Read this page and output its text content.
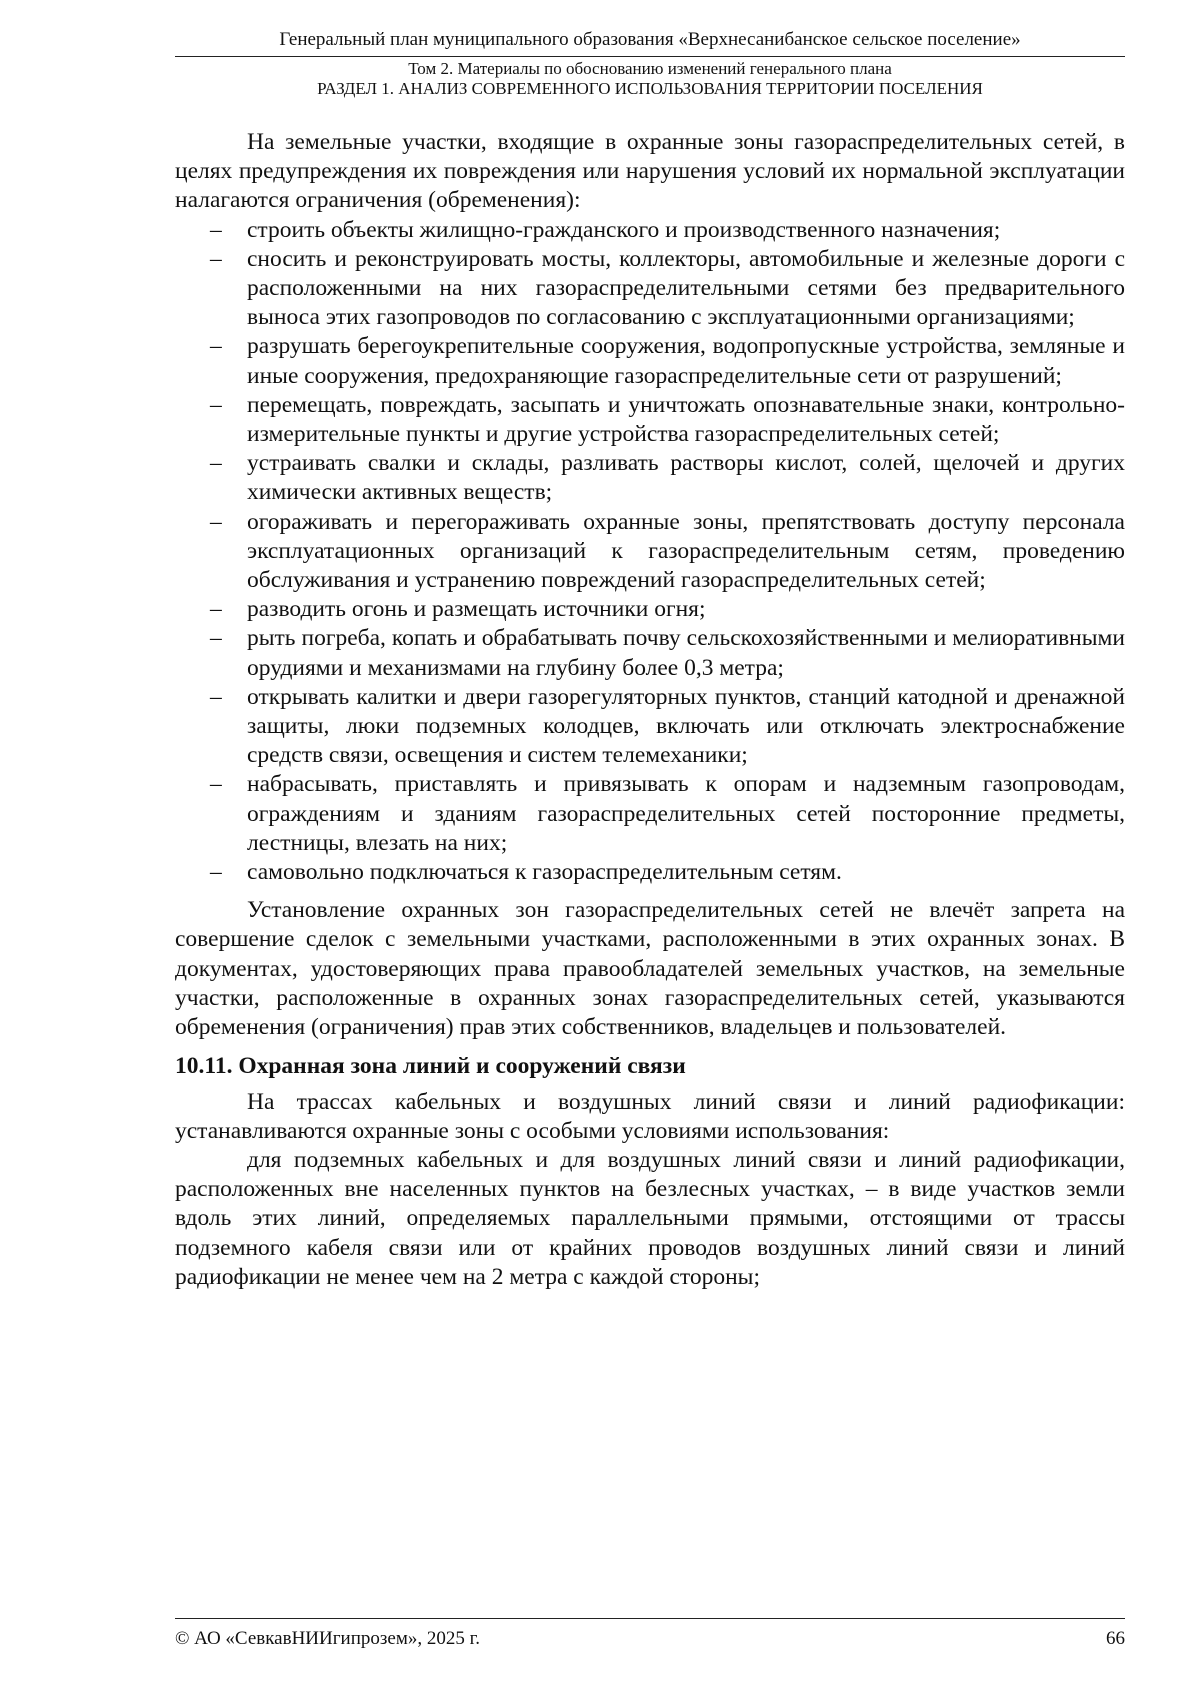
Генеральный план муниципального образования «Верхнесанибанское сельское поселение»
Том 2. Материалы по обоснованию изменений генерального плана
РАЗДЕЛ 1. АНАЛИЗ СОВРЕМЕННОГО ИСПОЛЬЗОВАНИЯ ТЕРРИТОРИИ ПОСЕЛЕНИЯ

На земельные участки, входящие в охранные зоны газораспределительных сетей, в целях предупреждения их повреждения или нарушения условий их нормальной эксплуатации налагаются ограничения (обременения):

– строить объекты жилищно-гражданского и производственного назначения;
– сносить и реконструировать мосты, коллекторы, автомобильные и железные дороги с расположенными на них газораспределительными сетями без предварительного выноса этих газопроводов по согласованию с эксплуатационными организациями;
– разрушать берегоукрепительные сооружения, водопропускные устройства, земляные и иные сооружения, предохраняющие газораспределительные сети от разрушений;
– перемещать, повреждать, засыпать и уничтожать опознавательные знаки, контрольно-измерительные пункты и другие устройства газораспределительных сетей;
– устраивать свалки и склады, разливать растворы кислот, солей, щелочей и других химически активных веществ;
– огораживать и перегораживать охранные зоны, препятствовать доступу персонала эксплуатационных организаций к газораспределительным сетям, проведению обслуживания и устранению повреждений газораспределительных сетей;
– разводить огонь и размещать источники огня;
– рыть погреба, копать и обрабатывать почву сельскохозяйственными и мелиоративными орудиями и механизмами на глубину более 0,3 метра;
– открывать калитки и двери газорегуляторных пунктов, станций катодной и дренажной защиты, люки подземных колодцев, включать или отключать электроснабжение средств связи, освещения и систем телемеханики;
– набрасывать, приставлять и привязывать к опорам и надземным газопроводам, ограждениям и зданиям газораспределительных сетей посторонние предметы, лестницы, влезать на них;
– самовольно подключаться к газораспределительным сетям.

Установление охранных зон газораспределительных сетей не влечёт запрета на совершение сделок с земельными участками, расположенными в этих охранных зонах. В документах, удостоверяющих права правообладателей земельных участков, на земельные участки, расположенные в охранных зонах газораспределительных сетей, указываются обременения (ограничения) прав этих собственников, владельцев и пользователей.

10.11. Охранная зона линий и сооружений связи

На трассах кабельных и воздушных линий связи и линий радиофикации: устанавливаются охранные зоны с особыми условиями использования:

для подземных кабельных и для воздушных линий связи и линий радиофикации, расположенных вне населенных пунктов на безлесных участках, – в виде участков земли вдоль этих линий, определяемых параллельными прямыми, отстоящими от трассы подземного кабеля связи или от крайних проводов воздушных линий связи и линий радиофикации не менее чем на 2 метра с каждой стороны;

© АО «СевкавНИИгипрозем», 2025 г.	66
